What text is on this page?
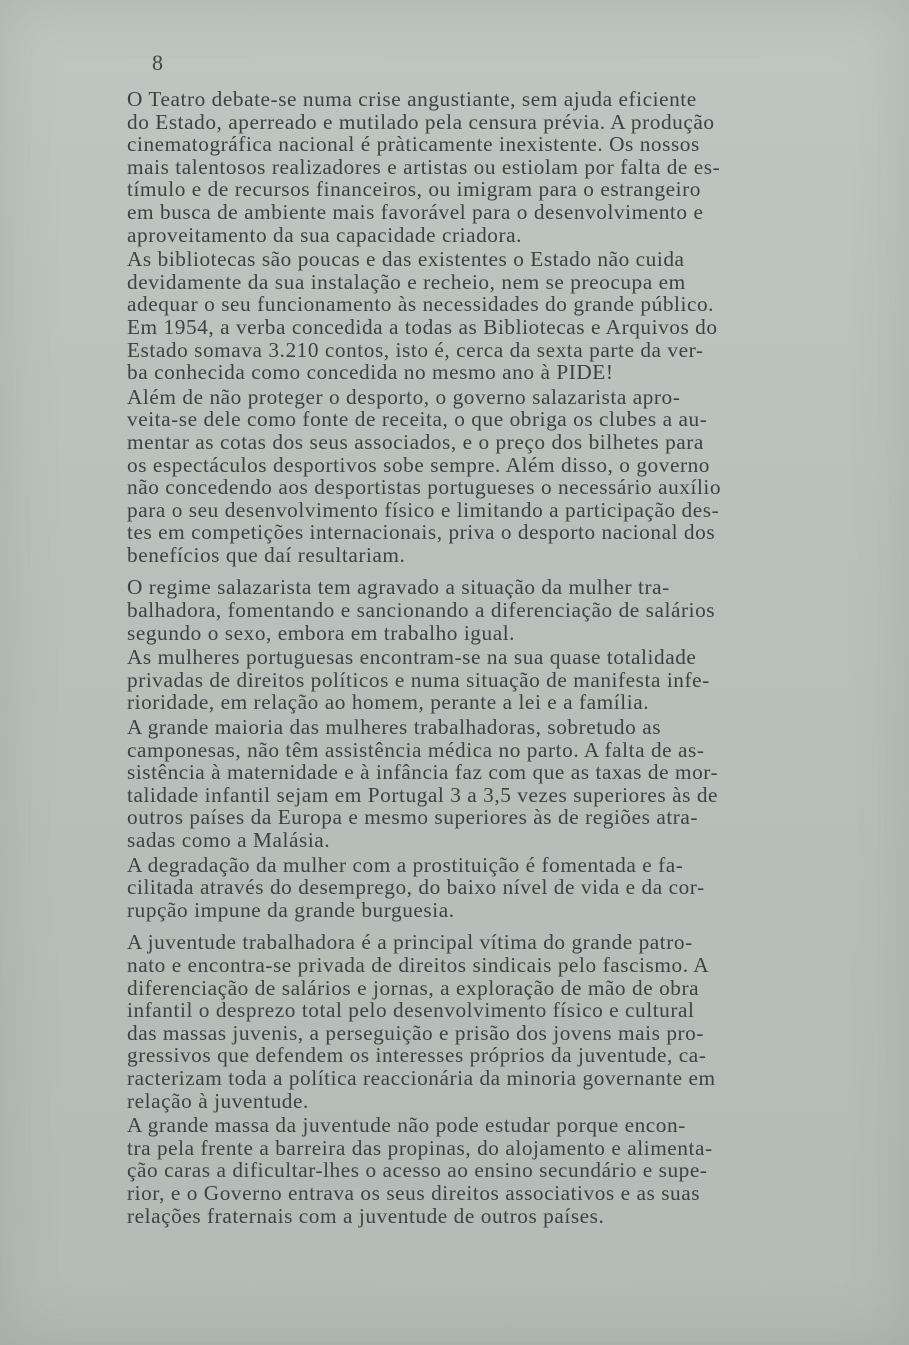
8

O Teatro debate-se numa crise angustiante, sem ajuda eficiente
do Estado, aperreado e mutilado pela censura prévia. A produção
cinematográfica nacional é pràticamente inexistente. Os nossos
mais talentosos realizadores e artistas ou estiolam por falta de es-
tímulo e de recursos financeiros, ou imigram para o estrangeiro
em busca de ambiente mais favorável para o desenvolvimento e
aproveitamento da sua capacidade criadora.

As bibliotecas são poucas e das existentes o Estado não cuida
devidamente da sua instalação e recheio, nem se preocupa em
adequar o seu funcionamento às necessidades do grande público.
Em 1954, a verba concedida a todas as Bibliotecas e Arquivos do
Estado somava 3.210 contos, isto é, cerca da sexta parte da ver-
ba conhecida como concedida no mesmo ano à PIDE!

Além de não proteger o desporto, o governo salazarista apro-
veita-se dele como fonte de receita, o que obriga os clubes a au-
mentar as cotas dos seus associados, e o preço dos bilhetes para
os espectáculos desportivos sobe sempre. Além disso, o governo
não concedendo aos desportistas portugueses o necessário auxílio
para o seu desenvolvimento físico e limitando a participação des-
tes em competições internacionais, priva o desporto nacional dos
benefícios que daí resultariam.

O regime salazarista tem agravado a situação da mulher tra-
balhadora, fomentando e sancionando a diferenciação de salários
segundo o sexo, embora em trabalho igual.

As mulheres portuguesas encontram-se na sua quase totalidade
privadas de direitos políticos e numa situação de manifesta infe-
rioridade, em relação ao homem, perante a lei e a família.

A grande maioria das mulheres trabalhadoras, sobretudo as
camponesas, não têm assistência médica no parto. A falta de as-
sistência à maternidade e à infância faz com que as taxas de mor-
talidade infantil sejam em Portugal 3 a 3,5 vezes superiores às de
outros países da Europa e mesmo superiores às de regiões atra-
sadas como a Malásia.

A degradação da mulher com a prostituição é fomentada e fa-
cilitada através do desemprego, do baixo nível de vida e da cor-
rupção impune da grande burguesia.

A juventude trabalhadora é a principal vítima do grande patro-
nato e encontra-se privada de direitos sindicais pelo fascismo. A
diferenciação de salários e jornas, a exploração de mão de obra
infantil o desprezo total pelo desenvolvimento físico e cultural
das massas juvenis, a perseguição e prisão dos jovens mais pro-
gressivos que defendem os interesses próprios da juventude, ca-
racterizam toda a política reaccionária da minoria governante em
relação à juventude.

A grande massa da juventude não pode estudar porque encon-
tra pela frente a barreira das propinas, do alojamento e alimenta-
ção caras a dificultar-lhes o acesso ao ensino secundário e supe-
rior, e o Governo entrava os seus direitos associativos e as suas
relações fraternais com a juventude de outros países.
